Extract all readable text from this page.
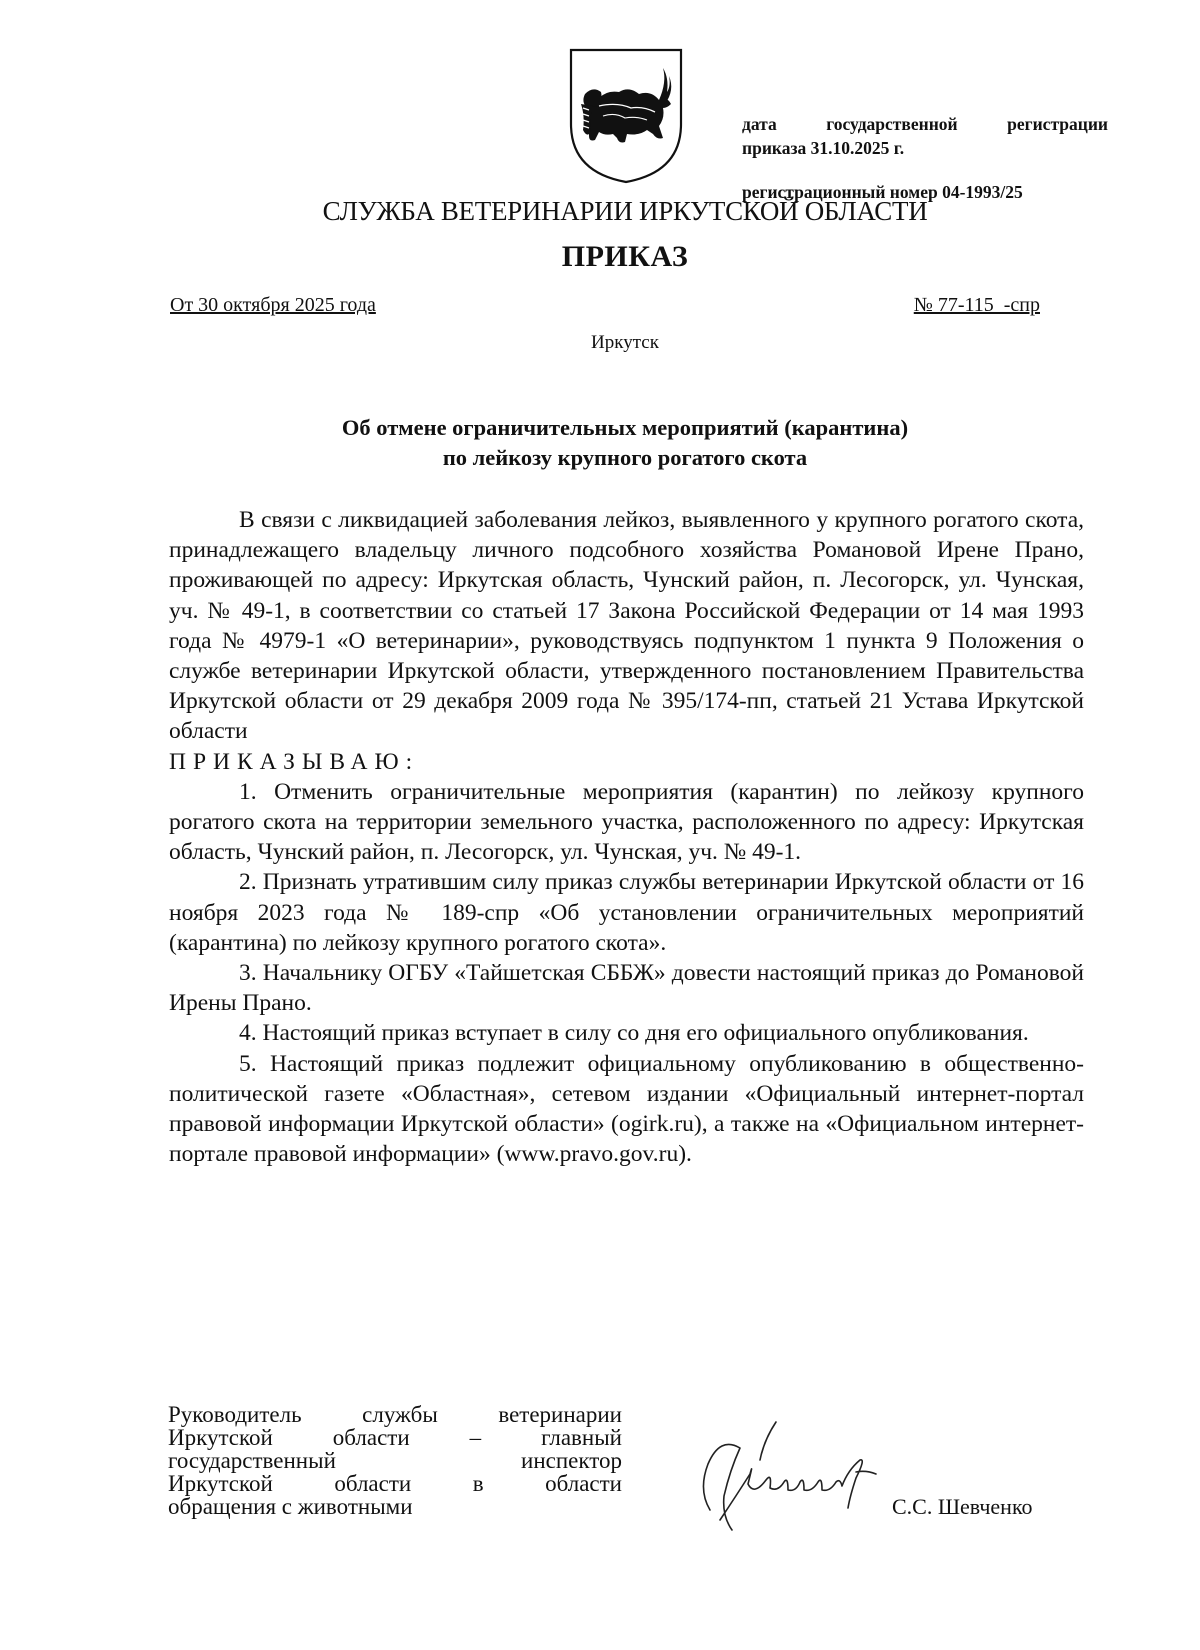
дата государственной регистрации
приказа 31.10.2025 г.
регистрационный номер 04-1993/25
СЛУЖБА ВЕТЕРИНАРИИ ИРКУТСКОЙ ОБЛАСТИ
ПРИКАЗ
От 30 октября 2025 года	№ 77-115  -спр
Иркутск
Об отмене ограничительных мероприятий (карантина)
по лейкозу крупного рогатого скота

В связи с ликвидацией заболевания лейкоз, выявленного у крупного рогатого скота, принадлежащего владельцу личного подсобного хозяйства Романовой Ирене Прано, проживающей по адресу: Иркутская область, Чунский район, п. Лесогорск, ул. Чунская, уч. № 49-1, в соответствии со статьей 17 Закона Российской Федерации от 14 мая 1993 года № 4979-1 «О ветеринарии», руководствуясь подпунктом 1 пункта 9 Положения о службе ветеринарии Иркутской области, утвержденного постановлением Правительства Иркутской области от 29 декабря 2009 года № 395/174-пп, статьей 21 Устава Иркутской области

ПРИКАЗЫВАЮ:

1. Отменить ограничительные мероприятия (карантин) по лейкозу крупного рогатого скота на территории земельного участка, расположенного по адресу: Иркутская область, Чунский район, п. Лесогорск, ул. Чунская, уч. № 49-1.

2. Признать утратившим силу приказ службы ветеринарии Иркутской области от 16 ноября 2023 года № 189-спр «Об установлении ограничительных мероприятий (карантина) по лейкозу крупного рогатого скота».

3. Начальнику ОГБУ «Тайшетская СББЖ» довести настоящий приказ до Романовой Ирены Прано.

4. Настоящий приказ вступает в силу со дня его официального опубликования.

5. Настоящий приказ подлежит официальному опубликованию в общественно-политической газете «Областная», сетевом издании «Официальный интернет-портал правовой информации Иркутской области» (ogirk.ru), а также на «Официальном интернет-портале правовой информации» (www.pravo.gov.ru).

Руководитель службы ветеринарии
Иркутской области – главный
государственный инспектор
Иркутской области в области
обращения с животными	С.С. Шевченко
